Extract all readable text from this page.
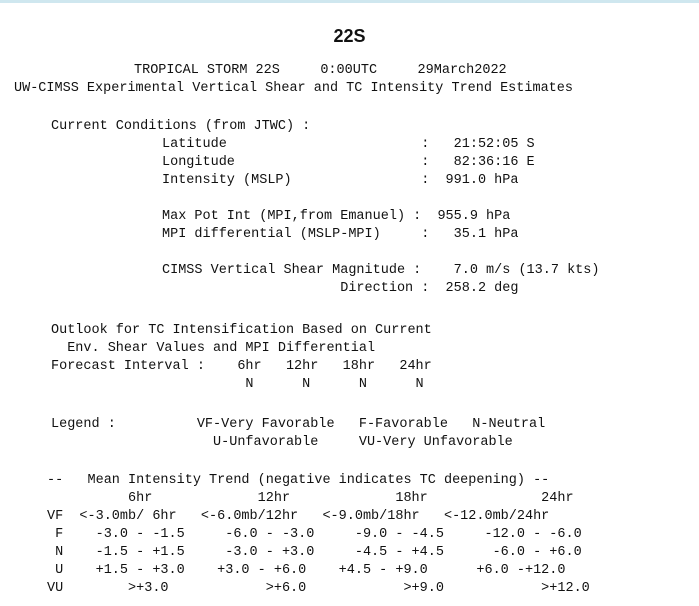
22S
TROPICAL STORM 22S     0:00UTC     29March2022
UW-CIMSS Experimental Vertical Shear and TC Intensity Trend Estimates
Current Conditions (from JTWC) :
Latitude                        :   21:52:05 S
Longitude                       :   82:36:16 E
Intensity (MSLP)                :  991.0 hPa
Max Pot Int (MPI,from Emanuel) :  955.9 hPa
MPI differential (MSLP-MPI)     :   35.1 hPa
CIMSS Vertical Shear Magnitude :    7.0 m/s (13.7 kts)
Direction :  258.2 deg
Outlook for TC Intensification Based on Current
Env. Shear Values and MPI Differential
Forecast Interval :    6hr   12hr   18hr   24hr
N      N      N      N
Legend :          VF-Very Favorable   F-Favorable   N-Neutral
U-Unfavorable     VU-Very Unfavorable
--   Mean Intensity Trend (negative indicates TC deepening) --
6hr             12hr             18hr              24hr
VF  <-3.0mb/ 6hr   <-6.0mb/12hr   <-9.0mb/18hr   <-12.0mb/24hr
F    -3.0 - -1.5     -6.0 - -3.0     -9.0 - -4.5     -12.0 - -6.0
N    -1.5 - +1.5     -3.0 - +3.0     -4.5 - +4.5      -6.0 - +6.0
U    +1.5 - +3.0    +3.0 - +6.0    +4.5 - +9.0      +6.0 -+12.0
VU        >+3.0            >+6.0            >+9.0            >+12.0
